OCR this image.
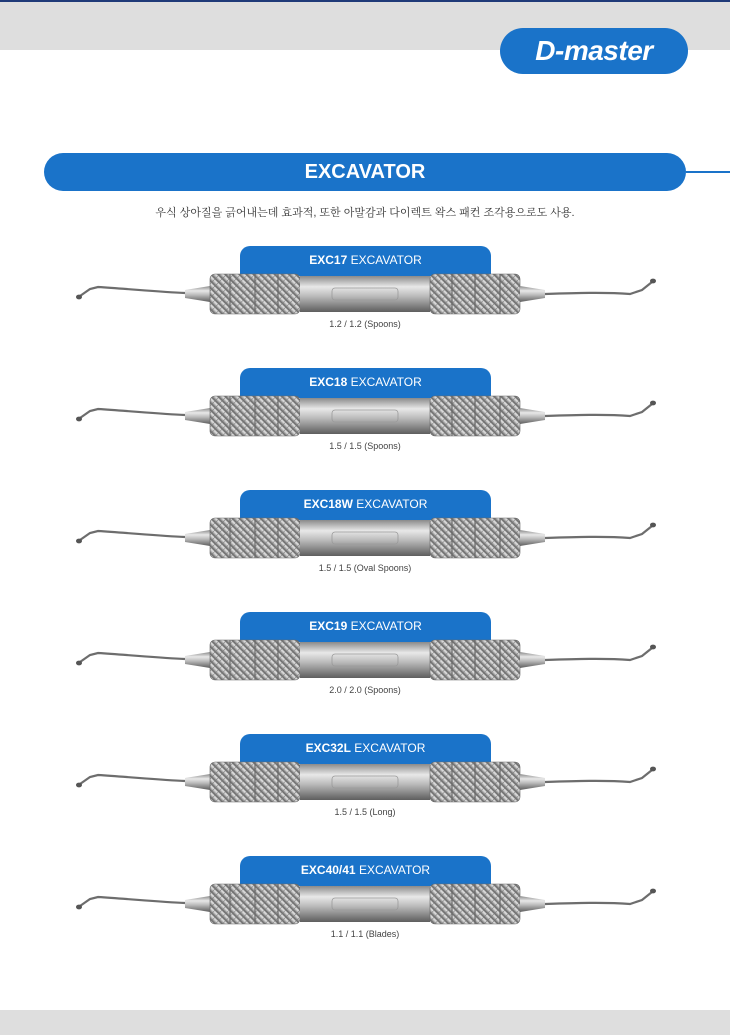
D-master
EXCAVATOR
우식 상아질을 긁어내는데 효과적, 또한 아말감과 다이렉트 왁스 패컨 조각용으로도 사용.
EXC17 EXCAVATOR
1.2 / 1.2 (Spoons)
EXC18 EXCAVATOR
1.5 / 1.5 (Spoons)
EXC18W EXCAVATOR
1.5 / 1.5 (Oval Spoons)
EXC19 EXCAVATOR
2.0 / 2.0 (Spoons)
EXC32L EXCAVATOR
1.5 / 1.5 (Long)
EXC40/41 EXCAVATOR
1.1 / 1.1 (Blades)
